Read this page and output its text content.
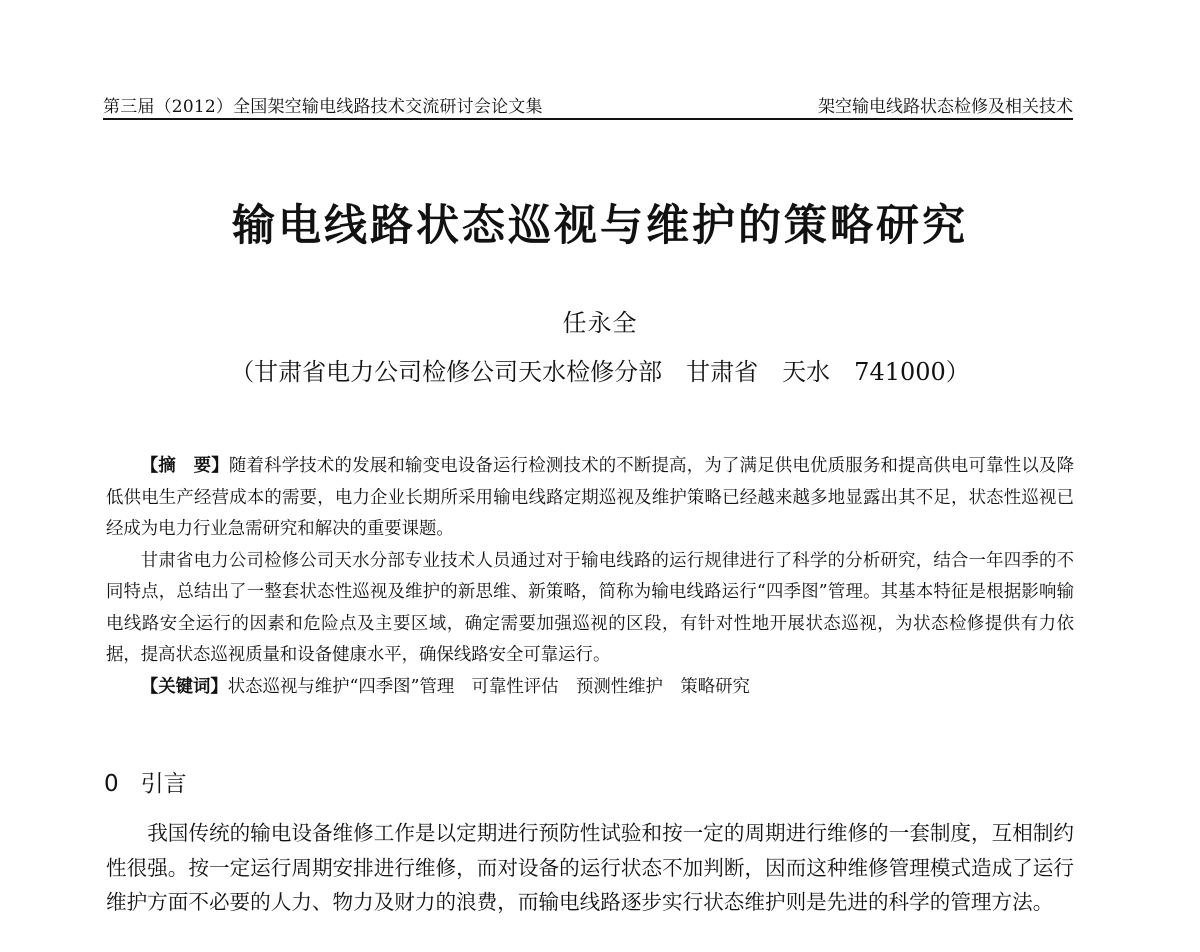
第三届（2012）全国架空输电线路技术交流研讨会论文集	架空输电线路状态检修及相关技术
输电线路状态巡视与维护的策略研究
任永全
（甘肃省电力公司检修公司天水检修分部　甘肃省　天水　741000）

【摘　要】随着科学技术的发展和输变电设备运行检测技术的不断提高，为了满足供电优质服务和提高供电可靠性以及降低供电生产经营成本的需要，电力企业长期所采用输电线路定期巡视及维护策略已经越来越多地显露出其不足，状态性巡视已经成为电力行业急需研究和解决的重要课题。

甘肃省电力公司检修公司天水分部专业技术人员通过对于输电线路的运行规律进行了科学的分析研究，结合一年四季的不同特点，总结出了一整套状态性巡视及维护的新思维、新策略，简称为输电线路运行“四季图”管理。其基本特征是根据影响输电线路安全运行的因素和危险点及主要区域，确定需要加强巡视的区段，有针对性地开展状态巡视，为状态检修提供有力依据，提高状态巡视质量和设备健康水平，确保线路安全可靠运行。

【关键词】状态巡视与维护“四季图”管理　可靠性评估　预测性维护　策略研究

0 引言

我国传统的输电设备维修工作是以定期进行预防性试验和按一定的周期进行维修的一套制度，互相制约性很强。按一定运行周期安排进行维修，而对设备的运行状态不加判断，因而这种维修管理模式造成了运行维护方面不必要的人力、物力及财力的浪费，而输电线路逐步实行状态维护则是先进的科学的管理方法。
